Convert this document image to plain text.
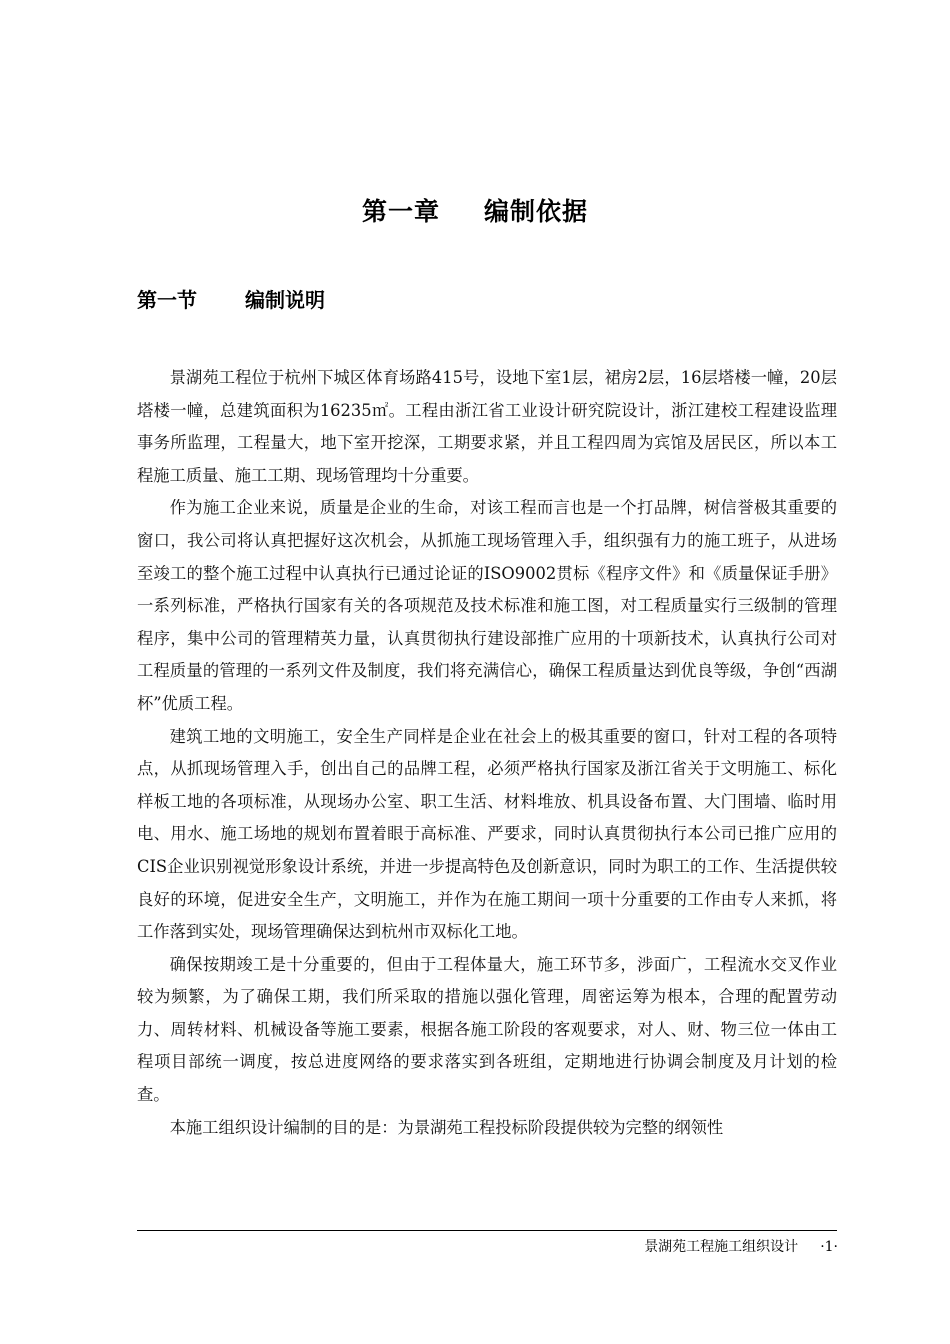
第一章 编制依据
第一节 编制说明

景湖苑工程位于杭州下城区体育场路415号，设地下室1层，裙房2层，16层塔楼一幢，20层塔楼一幢，总建筑面积为16235㎡。工程由浙江省工业设计研究院设计，浙江建校工程建设监理事务所监理，工程量大，地下室开挖深，工期要求紧，并且工程四周为宾馆及居民区，所以本工程施工质量、施工工期、现场管理均十分重要。

作为施工企业来说，质量是企业的生命，对该工程而言也是一个打品牌，树信誉极其重要的窗口，我公司将认真把握好这次机会，从抓施工现场管理入手，组织强有力的施工班子，从进场至竣工的整个施工过程中认真执行已通过论证的ISO9002贯标《程序文件》和《质量保证手册》一系列标准，严格执行国家有关的各项规范及技术标准和施工图，对工程质量实行三级制的管理程序，集中公司的管理精英力量，认真贯彻执行建设部推广应用的十项新技术，认真执行公司对工程质量的管理的一系列文件及制度，我们将充满信心，确保工程质量达到优良等级，争创“西湖杯”优质工程。

建筑工地的文明施工，安全生产同样是企业在社会上的极其重要的窗口，针对工程的各项特点，从抓现场管理入手，创出自己的品牌工程，必须严格执行国家及浙江省关于文明施工、标化样板工地的各项标准，从现场办公室、职工生活、材料堆放、机具设备布置、大门围墙、临时用电、用水、施工场地的规划布置着眼于高标准、严要求，同时认真贯彻执行本公司已推广应用的CIS企业识别视觉形象设计系统，并进一步提高特色及创新意识，同时为职工的工作、生活提供较良好的环境，促进安全生产，文明施工，并作为在施工期间一项十分重要的工作由专人来抓，将工作落到实处，现场管理确保达到杭州市双标化工地。

确保按期竣工是十分重要的，但由于工程体量大，施工环节多，涉面广，工程流水交叉作业较为频繁，为了确保工期，我们所采取的措施以强化管理，周密运筹为根本，合理的配置劳动力、周转材料、机械设备等施工要素，根据各施工阶段的客观要求，对人、财、物三位一体由工程项目部统一调度，按总进度网络的要求落实到各班组，定期地进行协调会制度及月计划的检查。

本施工组织设计编制的目的是：为景湖苑工程投标阶段提供较为完整的纲领性

景湖苑工程施工组织设计 ·1·
